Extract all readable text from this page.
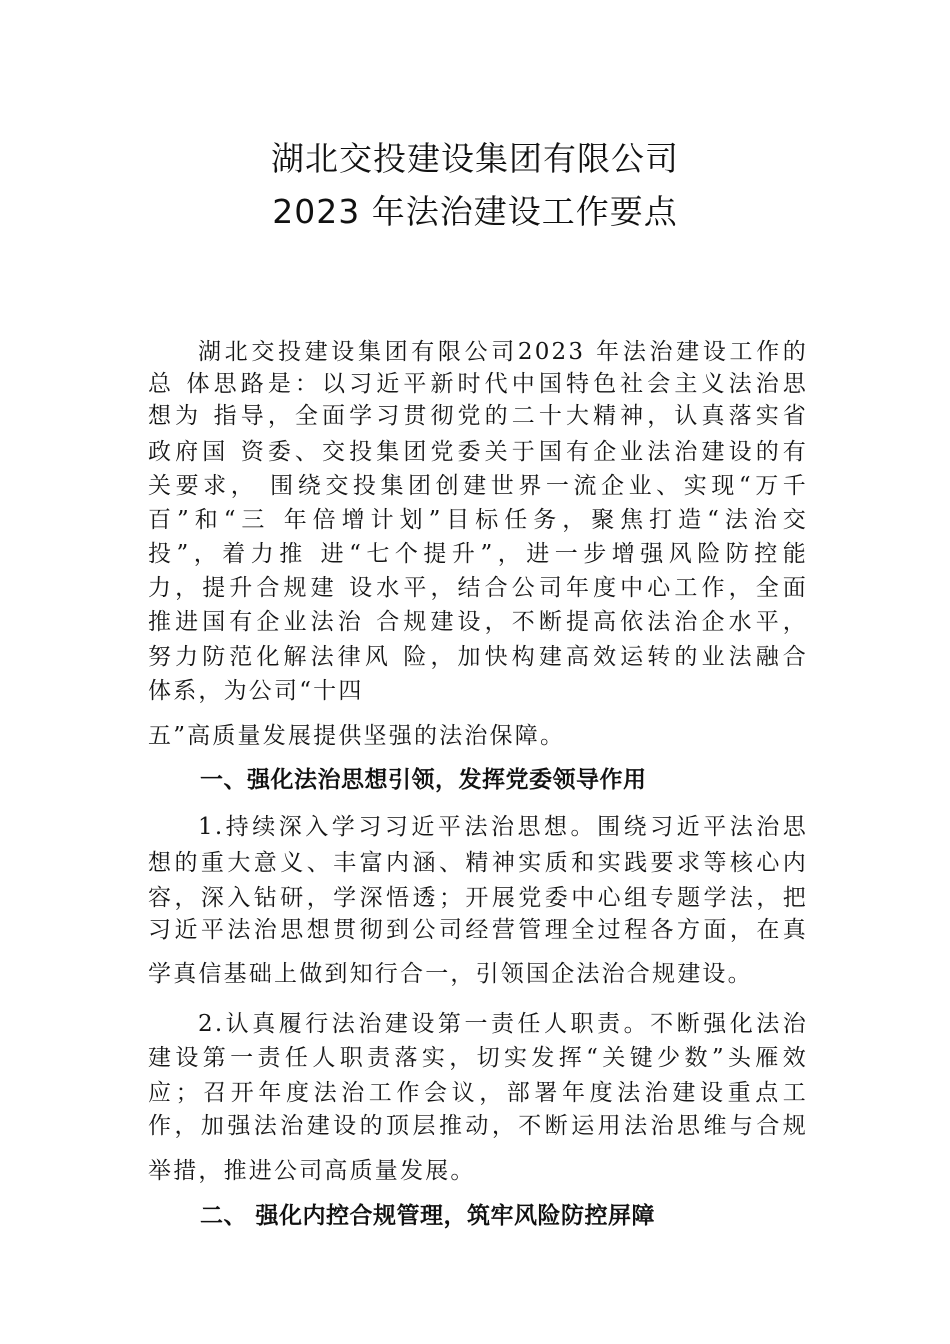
湖北交投建设集团有限公司
2023 年法治建设工作要点
湖北交投建设集团有限公司2023 年法治建设工作的
总 体思路是：以习近平新时代中国特色社会主义法治思
想为 指导，全面学习贯彻党的二十大精神，认真落实省
政府国 资委、交投集团党委关于国有企业法治建设的有
关要求， 围绕交投集团创建世界一流企业、实现“万千
百”和“三 年倍增计划”目标任务，聚焦打造“法治交
投”，着力推 进“七个提升”，进一步增强风险防控能
力，提升合规建 设水平，结合公司年度中心工作，全面
推进国有企业法治 合规建设，不断提高依法治企水平，
努力防范化解法律风 险，加快构建高效运转的业法融合
体系，为公司“十四
五”高质量发展提供坚强的法治保障。
一、强化法治思想引领，发挥党委领导作用
1.持续深入学习习近平法治思想。围绕习近平法治思
想的重大意义、丰富内涵、精神实质和实践要求等核心内
容，深入钻研，学深悟透；开展党委中心组专题学法，把
习近平法治思想贯彻到公司经营管理全过程各方面，在真
学真信基础上做到知行合一，引领国企法治合规建设。
2.认真履行法治建设第一责任人职责。不断强化法治
建设第一责任人职责落实，切实发挥“关键少数”头雁效
应；召开年度法治工作会议，部署年度法治建设重点工
作，加强法治建设的顶层推动，不断运用法治思维与合规
举措，推进公司高质量发展。
二、 强化内控合规管理，筑牢风险防控屏障
